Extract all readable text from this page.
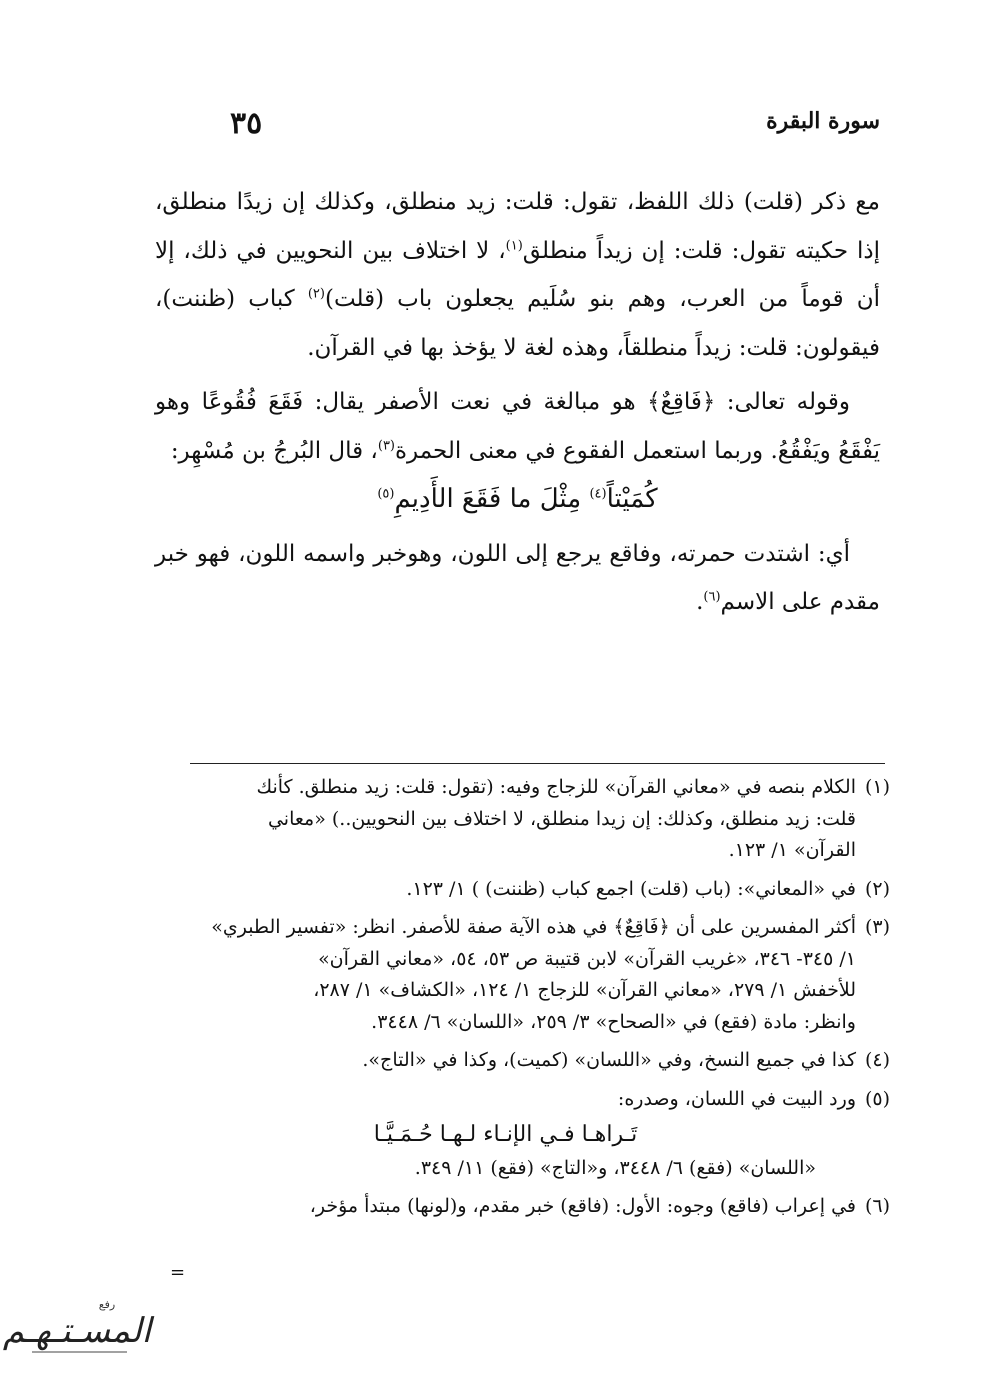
سورة البقرة
٣٥

مع ذكر (قلت) ذلك اللفظ، تقول: قلت: زيد منطلق، وكذلك إن زيدًا منطلق، إذا حكيته تقول: قلت: إن زيداً منطلق$^{(١)}$، لا اختلاف بين النحويين في ذلك، إلا أن قوماً من العرب، وهم بنو سُلَيم يجعلون باب (قلت)$^{(٢)}$ كباب (ظننت)، فيقولون: قلت: زيداً منطلقاً، وهذه لغة لا يؤخذ بها في القرآن.

وقوله تعالى: ﴿فَاقِعٌ﴾ هو مبالغة في نعت الأصفر يقال: فَقَعَ فُقُوعًا وهو يَفْقَعُ ويَفْقُعُ. وربما استعمل الفقوع في معنى الحمرة$^{(٣)}$، قال البُرجُ بن مُسْهِر:

كُمَيْتاً$^{(٤)}$ مِثْلَ ما فَقَعَ الأَدِيمِ$^{(٥)}$

أي: اشتدت حمرته، وفاقع يرجع إلى اللون، وهوخبر واسمه اللون، فهو خبر مقدم على الاسم$^{(٦)}$.

(١)
الكلام بنصه في «معاني القرآن» للزجاج وفيه: (تقول: قلت: زيد منطلق. كأنك
قلت: زيد منطلق، وكذلك: إن زيدا منطلق، لا اختلاف بين النحويين..) «معاني
القرآن» ١/ ١٢٣.
(٢)
في «المعاني»: (باب (قلت) اجمع كباب (ظننت) ) ١/ ١٢٣.
(٣)
أكثر المفسرين على أن ﴿فَاقِعٌ﴾ في هذه الآية صفة للأصفر. انظر: «تفسير الطبري»
١/ ٣٤٥- ٣٤٦، «غريب القرآن» لابن قتيبة ص ٥٣، ٥٤، «معاني القرآن»
للأخفش ١/ ٢٧٩، «معاني القرآن» للزجاج ١/ ١٢٤، «الكشاف» ١/ ٢٨٧،
وانظر: مادة (فقع) في «الصحاح» ٣/ ٢٥٩، «اللسان» ٦/ ٣٤٤٨.
(٤)
كذا في جميع النسخ، وفي «اللسان» (كميت)، وكذا في «التاج».
(٥)
ورد البيت في اللسان، وصدره:
تَـراهـا فـي الإنـاء لـهـا حُـمَـيَّـا
«اللسان» (فقع) ٦/ ٣٤٤٨، و«التاج» (فقع) ١١/ ٣٤٩.
(٦)
في إعراب (فاقع) وجوه: الأول: (فاقع) خبر مقدم، و(لونها) مبتدأ مؤخر،
=
رفع
المسـتـهـم
